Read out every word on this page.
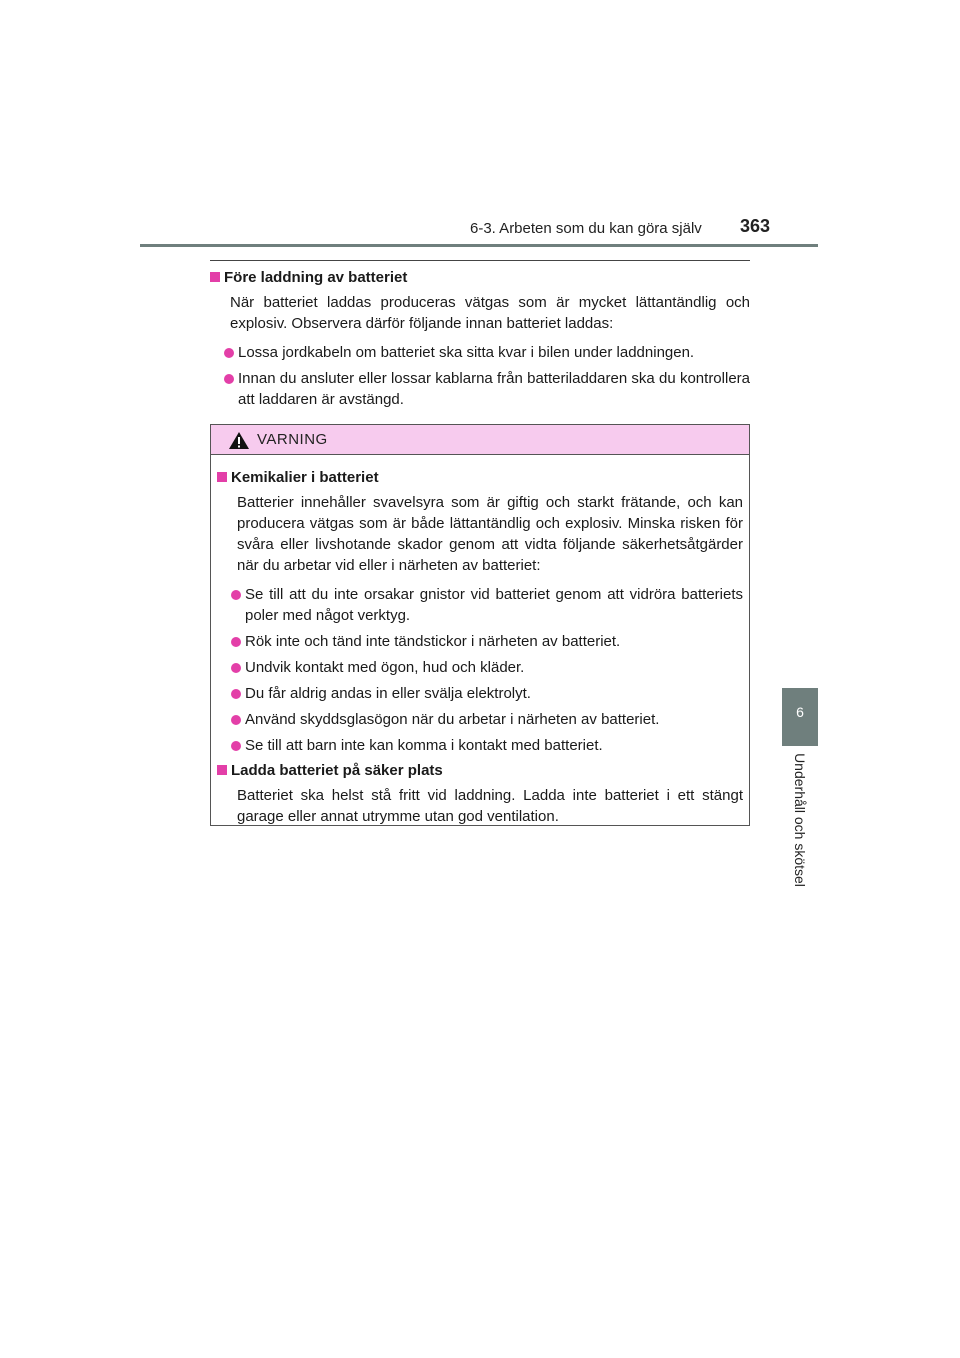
6-3. Arbeten som du kan göra själv 363
6
Underhåll och skötsel
Före laddning av batteriet
När batteriet laddas produceras vätgas som är mycket lättantändlig och explosiv. Observera därför följande innan batteriet laddas:
Lossa jordkabeln om batteriet ska sitta kvar i bilen under laddningen.
Innan du ansluter eller lossar kablarna från batteriladdaren ska du kontrollera att laddaren är avstängd.
VARNING
Kemikalier i batteriet
Batterier innehåller svavelsyra som är giftig och starkt frätande, och kan producera vätgas som är både lättantändlig och explosiv. Minska risken för svåra eller livshotande skador genom att vidta följande säkerhetsåtgärder när du arbetar vid eller i närheten av batteriet:
Se till att du inte orsakar gnistor vid batteriet genom att vidröra batteriets poler med något verktyg.
Rök inte och tänd inte tändstickor i närheten av batteriet.
Undvik kontakt med ögon, hud och kläder.
Du får aldrig andas in eller svälja elektrolyt.
Använd skyddsglasögon när du arbetar i närheten av batteriet.
Se till att barn inte kan komma i kontakt med batteriet.
Ladda batteriet på säker plats
Batteriet ska helst stå fritt vid laddning. Ladda inte batteriet i ett stängt garage eller annat utrymme utan god ventilation.
